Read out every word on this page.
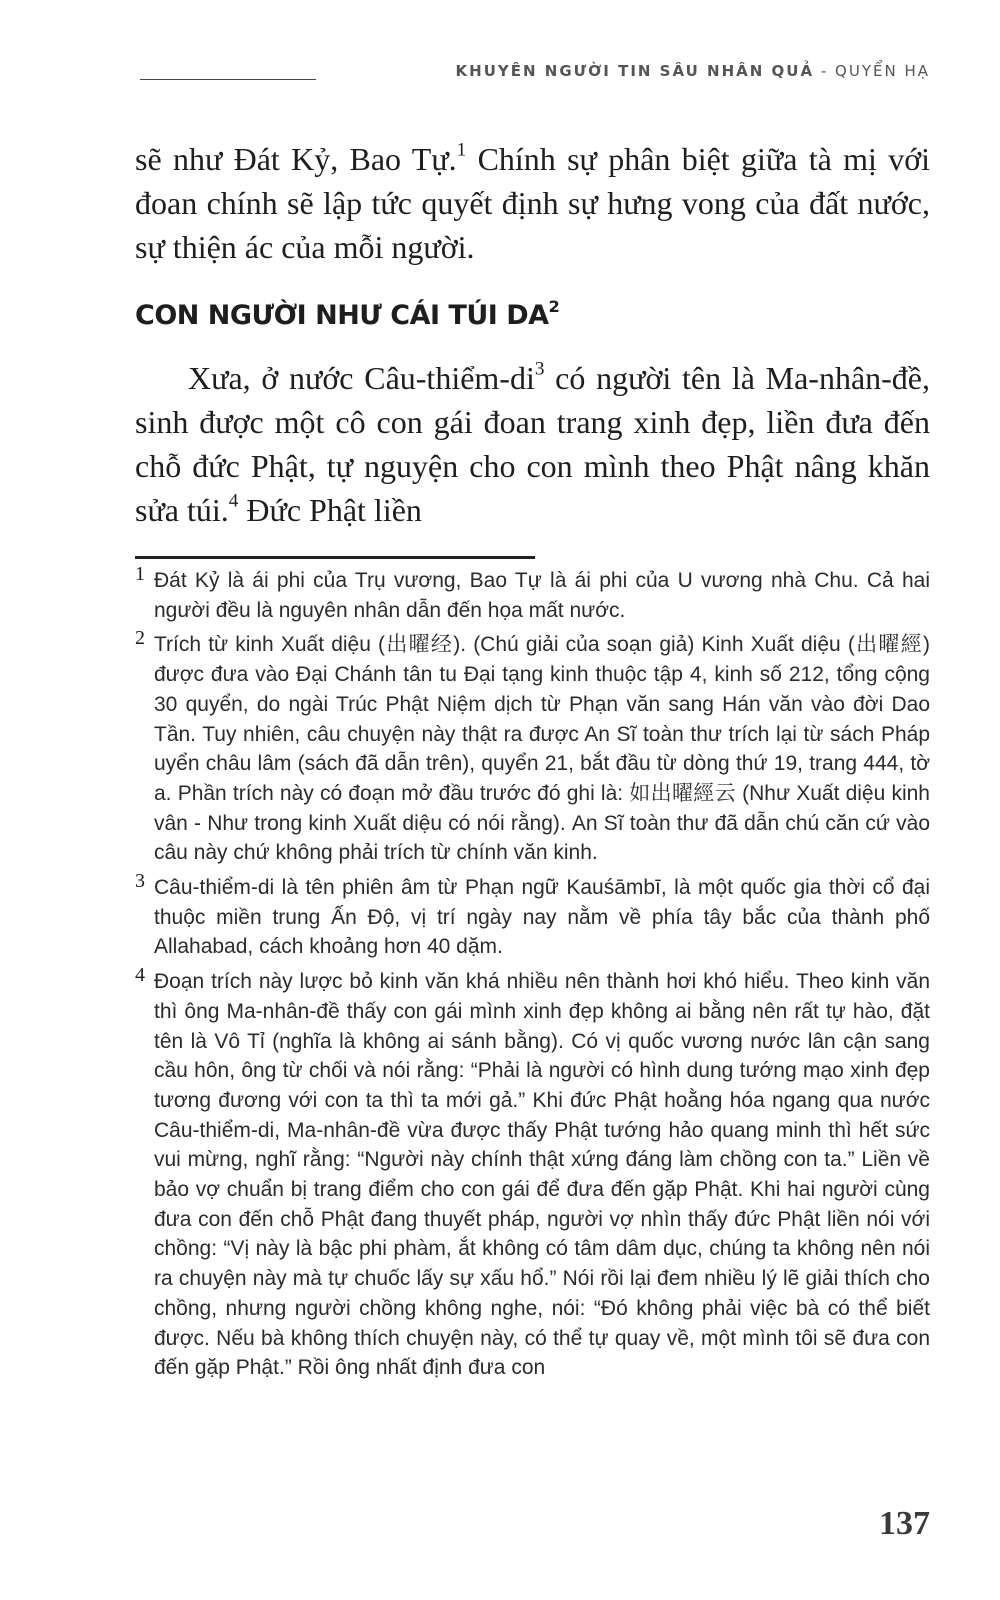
KHUYÊN NGƯỜI TIN SÂU NHÂN QUẢ - QUYỂN HẠ

sẽ như Đát Kỷ, Bao Tự.$^1$ Chính sự phân biệt giữa tà mị với đoan chính sẽ lập tức quyết định sự hưng vong của đất nước, sự thiện ác của mỗi người.

CON NGƯỜI NHƯ CÁI TÚI $DA^2$

Xưa, ở nước Câu-$thiểm-di^3$ có người tên là Ma-nhân-đề, sinh được một cô con gái đoan trang xinh đẹp, liền đưa đến chỗ đức Phật, tự nguyện cho con mình theo Phật nâng khăn sửa túi.$^4$ Đức Phật liền

1 Đát Kỷ là ái phi của Trụ vương, Bao Tự là ái phi của U vương nhà Chu. Cả hai người đều là nguyên nhân dẫn đến họa mất nước.

2 Trích từ kinh Xuất diệu (出曜经). (Chú giải của soạn giả) Kinh Xuất diệu (出曜經) được đưa vào Đại Chánh tân tu Đại tạng kinh thuộc tập 4, kinh số 212, tổng cộng 30 quyển, do ngài Trúc Phật Niệm dịch từ Phạn văn sang Hán văn vào đời Dao Tần. Tuy nhiên, câu chuyện này thật ra được An Sĩ toàn thư trích lại từ sách Pháp uyển châu lâm (sách đã dẫn trên), quyển 21, bắt đầu từ dòng thứ 19, trang 444, tờ a. Phần trích này có đoạn mở đầu trước đó ghi là: 如出曜經云 (Như Xuất diệu kinh vân - Như trong kinh Xuất diệu có nói rằng). An Sĩ toàn thư đã dẫn chú căn cứ vào câu này chứ không phải trích từ chính văn kinh.

3 Câu-thiểm-di là tên phiên âm từ Phạn ngữ Kauśāmbī, là một quốc gia thời cổ đại thuộc miền trung Ấn Độ, vị trí ngày nay nằm về phía tây bắc của thành phố Allahabad, cách khoảng hơn 40 dặm.

4 Đoạn trích này lược bỏ kinh văn khá nhiều nên thành hơi khó hiểu. Theo kinh văn thì ông Ma-nhân-đề thấy con gái mình xinh đẹp không ai bằng nên rất tự hào, đặt tên là Vô Tỉ (nghĩa là không ai sánh bằng). Có vị quốc vương nước lân cận sang cầu hôn, ông từ chối và nói rằng: “Phải là người có hình dung tướng mạo xinh đẹp tương đương với con ta thì ta mới gả.” Khi đức Phật hoằng hóa ngang qua nước Câu-thiểm-di, Ma-nhân-đề vừa được thấy Phật tướng hảo quang minh thì hết sức vui mừng, nghĩ rằng: “Người này chính thật xứng đáng làm chồng con ta.” Liền về bảo vợ chuẩn bị trang điểm cho con gái để đưa đến gặp Phật. Khi hai người cùng đưa con đến chỗ Phật đang thuyết pháp, người vợ nhìn thấy đức Phật liền nói với chồng: “Vị này là bậc phi phàm, ắt không có tâm dâm dục, chúng ta không nên nói ra chuyện này mà tự chuốc lấy sự xấu hổ.” Nói rồi lại đem nhiều lý lẽ giải thích cho chồng, nhưng người chồng không nghe, nói: “Đó không phải việc bà có thể biết được. Nếu bà không thích chuyện này, có thể tự quay về, một mình tôi sẽ đưa con đến gặp Phật.” Rồi ông nhất định đưa con

137
